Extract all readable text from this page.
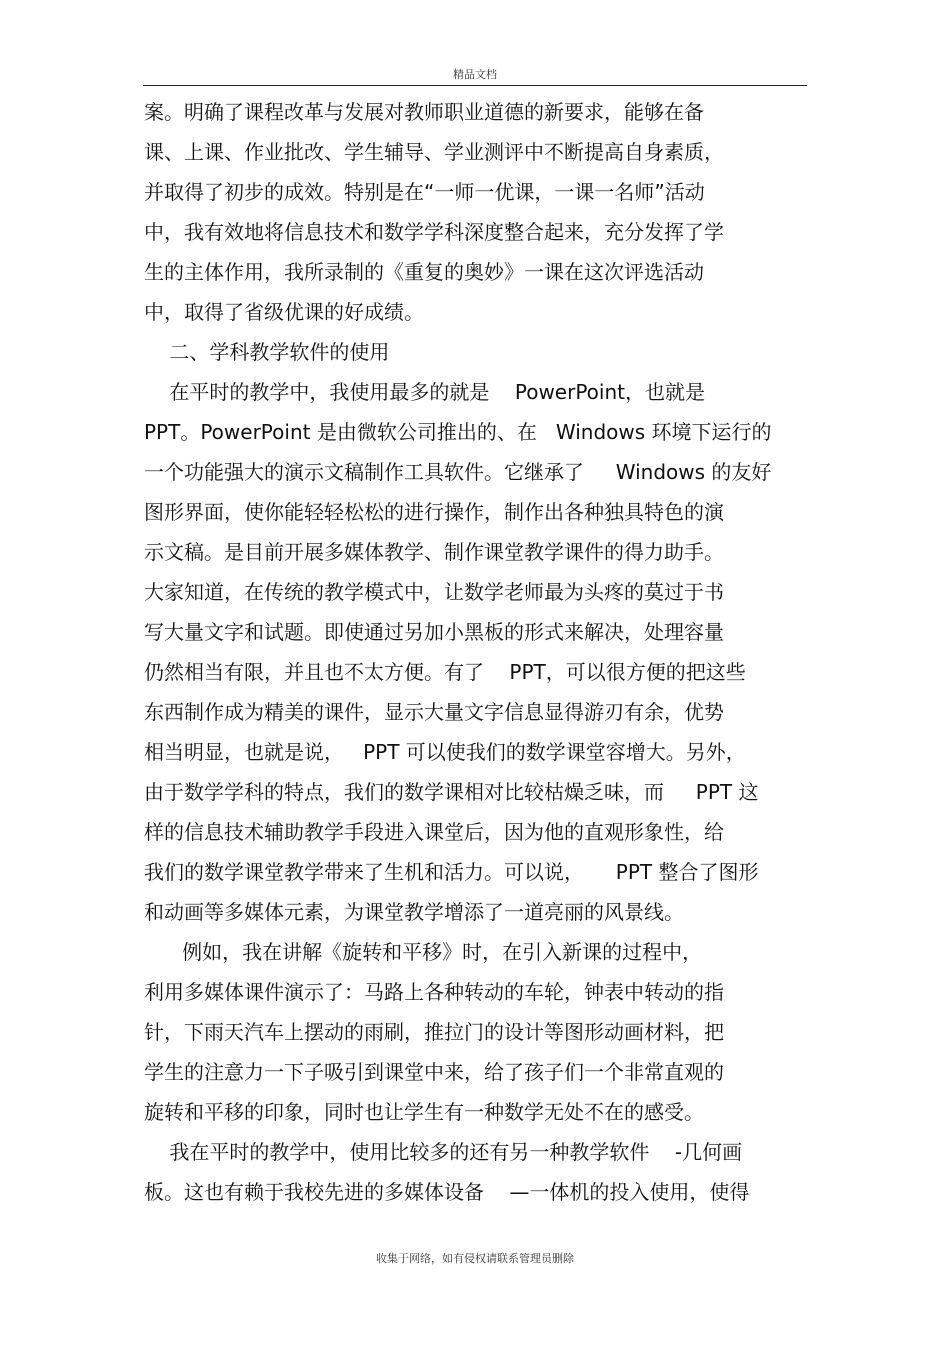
精品文档
案。明确了课程改革与发展对教师职业道德的新要求，能够在备
课、上课、作业批改、学生辅导、学业测评中不断提高自身素质，
并取得了初步的成效。特别是在“一师一优课，一课一名师”活动
中，我有效地将信息技术和数学学科深度整合起来，充分发挥了学
生的主体作用，我所录制的《重复的奥妙》一课在这次评选活动
中，取得了省级优课的好成绩。
二、学科教学软件的使用
在平时的教学中，我使用最多的就是    PowerPoint，也就是
PPT。PowerPoint 是由微软公司推出的、在   Windows 环境下运行的
一个功能强大的演示文稿制作工具软件。它继承了     Windows 的友好
图形界面，使你能轻轻松松的进行操作，制作出各种独具特色的演
示文稿。是目前开展多媒体教学、制作课堂教学课件的得力助手。
大家知道，在传统的教学模式中，让数学老师最为头疼的莫过于书
写大量文字和试题。即使通过另加小黑板的形式来解决，处理容量
仍然相当有限，并且也不太方便。有了    PPT，可以很方便的把这些
东西制作成为精美的课件，显示大量文字信息显得游刃有余，优势
相当明显，也就是说，   PPT 可以使我们的数学课堂容增大。另外，
由于数学学科的特点，我们的数学课相对比较枯燥乏味，而     PPT 这
样的信息技术辅助教学手段进入课堂后，因为他的直观形象性，给
我们的数学课堂教学带来了生机和活力。可以说，     PPT 整合了图形
和动画等多媒体元素，为课堂教学增添了一道亮丽的风景线。
例如，我在讲解《旋转和平移》时，在引入新课的过程中，
利用多媒体课件演示了：马路上各种转动的车轮，钟表中转动的指
针，下雨天汽车上摆动的雨刷，推拉门的设计等图形动画材料，把
学生的注意力一下子吸引到课堂中来，给了孩子们一个非常直观的
旋转和平移的印象，同时也让学生有一种数学无处不在的感受。
我在平时的教学中，使用比较多的还有另一种教学软件    -几何画
板。这也有赖于我校先进的多媒体设备    —一体机的投入使用，使得
收集于网络，如有侵权请联系管理员删除
